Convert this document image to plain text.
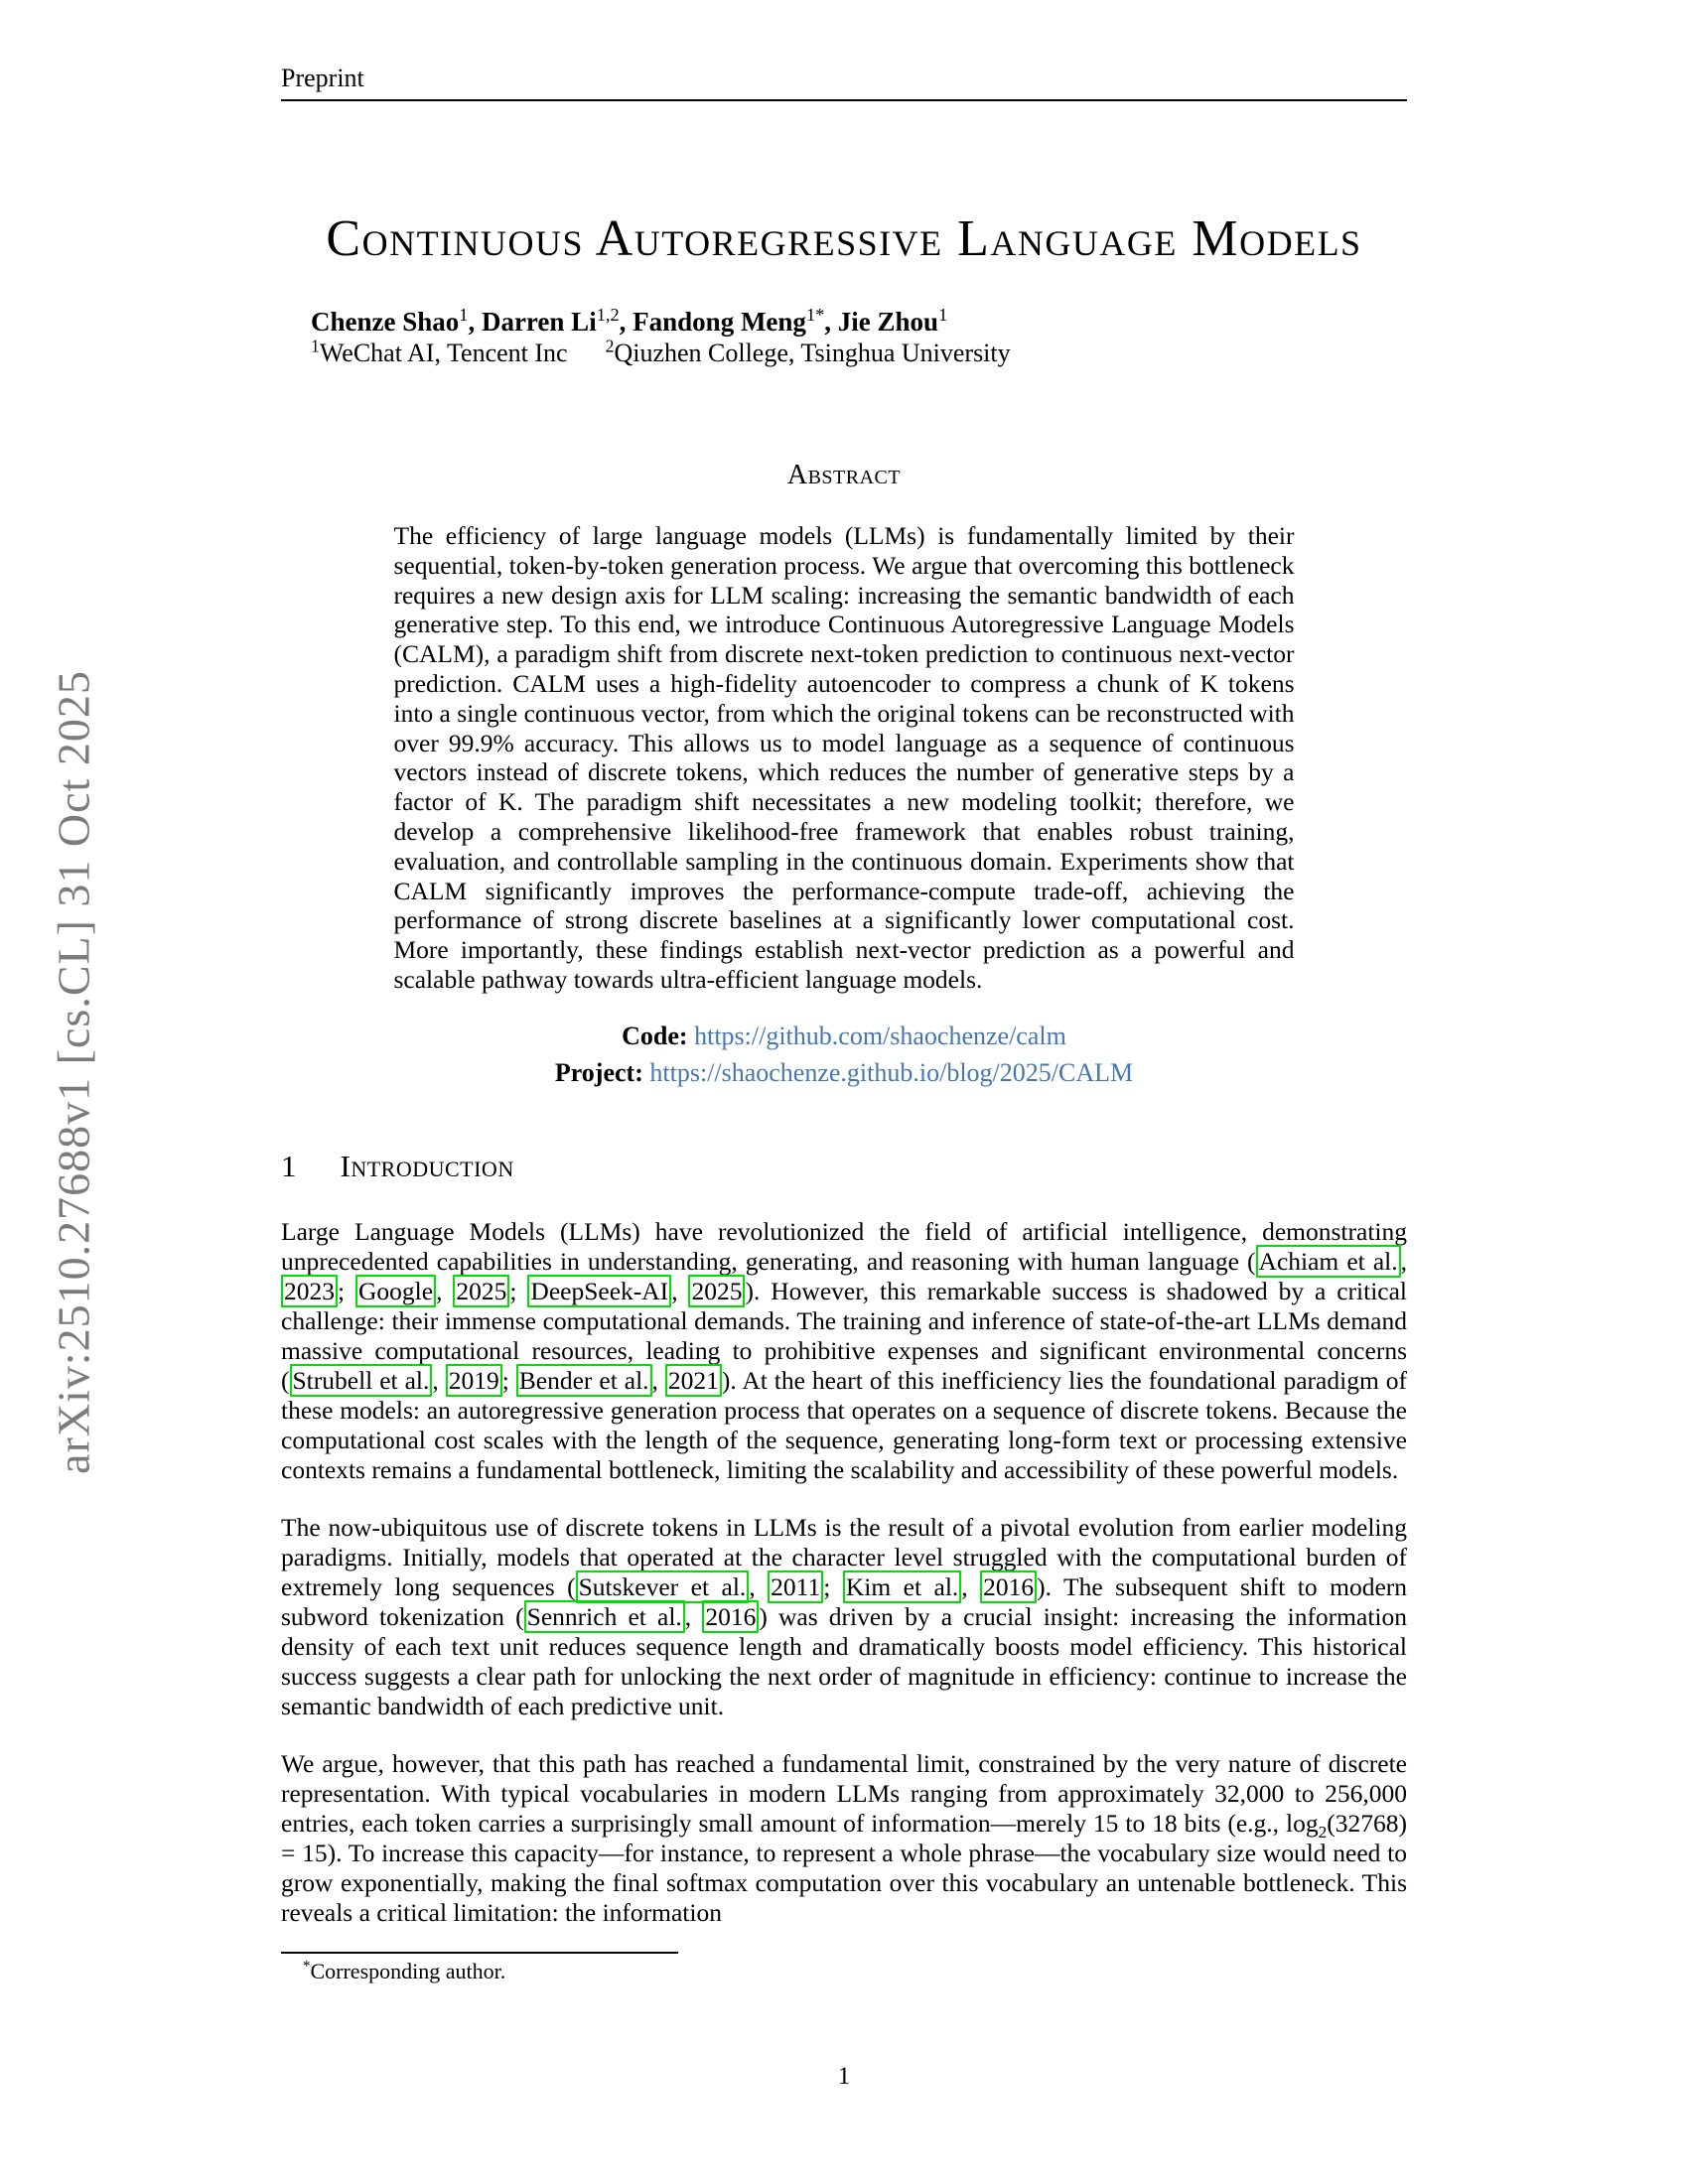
arXiv:2510.27688v1 [cs.CL] 31 Oct 2025
Preprint
Continuous Autoregressive Language Models
Chenze Shao$^1$, Darren Li$^{1,2}$, Fandong Meng$^{1*}$, Jie Zhou$^1$
$^1$WeChat AI, Tencent Inc $^2$Qiuzhen College, Tsinghua University
Abstract
The efficiency of large language models (LLMs) is fundamentally limited by their sequential, token-by-token generation process. We argue that overcoming this bottleneck requires a new design axis for LLM scaling: increasing the semantic bandwidth of each generative step. To this end, we introduce Continuous Autoregressive Language Models (CALM), a paradigm shift from discrete next-token prediction to continuous next-vector prediction. CALM uses a high-fidelity autoencoder to compress a chunk of K tokens into a single continuous vector, from which the original tokens can be reconstructed with over 99.9% accuracy. This allows us to model language as a sequence of continuous vectors instead of discrete tokens, which reduces the number of generative steps by a factor of K. The paradigm shift necessitates a new modeling toolkit; therefore, we develop a comprehensive likelihood-free framework that enables robust training, evaluation, and controllable sampling in the continuous domain. Experiments show that CALM significantly improves the performance-compute trade-off, achieving the performance of strong discrete baselines at a significantly lower computational cost. More importantly, these findings establish next-vector prediction as a powerful and scalable pathway towards ultra-efficient language models.
Code: https://github.com/shaochenze/calm
Project: https://shaochenze.github.io/blog/2025/CALM
1 Introduction

Large Language Models (LLMs) have revolutionized the field of artificial intelligence, demonstrating unprecedented capabilities in understanding, generating, and reasoning with human language ( Achiam et al. , 2023 ; Google , 2025 ; DeepSeek-AI , 2025 ). However, this remarkable success is shadowed by a critical challenge: their immense computational demands. The training and inference of state-of-the-art LLMs demand massive computational resources, leading to prohibitive expenses and significant environmental concerns ( Strubell et al. , 2019 ; Bender et al. , 2021 ). At the heart of this inefficiency lies the foundational paradigm of these models: an autoregressive generation process that operates on a sequence of discrete tokens. Because the computational cost scales with the length of the sequence, generating long-form text or processing extensive contexts remains a fundamental bottleneck, limiting the scalability and accessibility of these powerful models.

The now-ubiquitous use of discrete tokens in LLMs is the result of a pivotal evolution from earlier modeling paradigms. Initially, models that operated at the character level struggled with the computational burden of extremely long sequences ( Sutskever et al. , 2011 ; Kim et al. , 2016 ). The subsequent shift to modern subword tokenization ( Sennrich et al. , 2016 ) was driven by a crucial insight: increasing the information density of each text unit reduces sequence length and dramatically boosts model efficiency. This historical success suggests a clear path for unlocking the next order of magnitude in efficiency: continue to increase the semantic bandwidth of each predictive unit.

We argue, however, that this path has reached a fundamental limit, constrained by the very nature of discrete representation. With typical vocabularies in modern LLMs ranging from approximately 32,000 to 256,000 entries, each token carries a surprisingly small amount of information—merely 15 to 18 bits (e.g., $\log_2(32768) = 15$). To increase this capacity—for instance, to represent a whole phrase—the vocabulary size would need to grow exponentially, making the final softmax computation over this vocabulary an untenable bottleneck. This reveals a critical limitation: the information

*Corresponding author.
1
